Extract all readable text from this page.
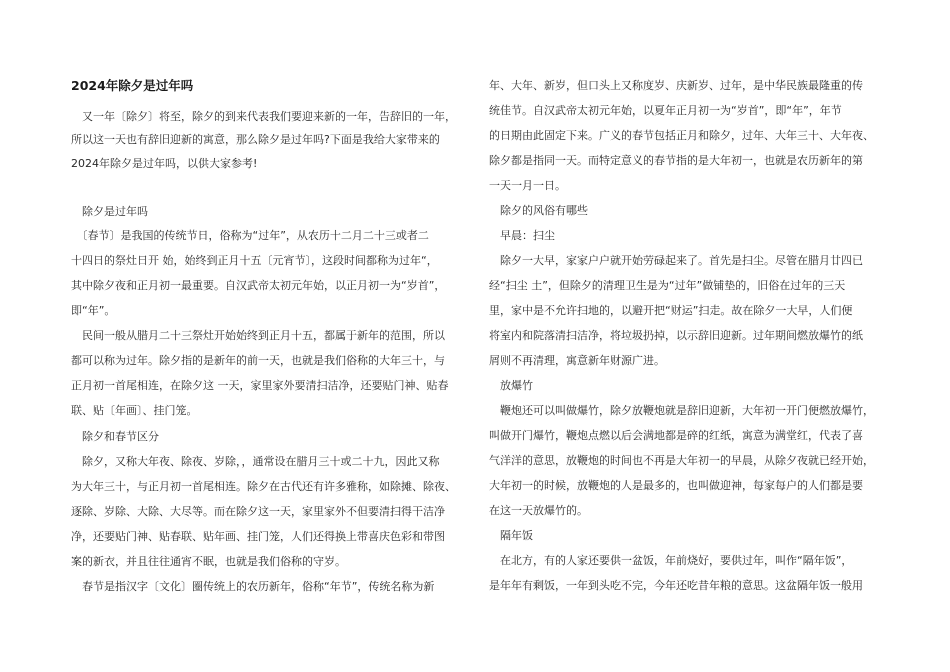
2024年除夕是过年吗
　又一年〔除夕〕将至，除夕的到来代表我们要迎来新的一年，告辞旧的一年，
所以这一天也有辞旧迎新的寓意，那么除夕是过年吗?下面是我给大家带来的
2024年除夕是过年吗，以供大家参考!
　除夕是过年吗
　〔春节〕是我国的传统节日，俗称为“过年”，从农历十二月二十三或者二
十四日的祭灶日开 始，始终到正月十五〔元宵节〕，这段时间都称为过年“，
其中除夕夜和正月初一最重要。自汉武帝太初元年始，以正月初一为“岁首”，
即“年”。
　民间一般从腊月二十三祭灶开始始终到正月十五，都属于新年的范围，所以
都可以称为过年。除夕指的是新年的前一天，也就是我们俗称的大年三十，与
正月初一首尾相连，在除夕这 一天，家里家外要清扫洁净，还要贴门神、贴春
联、贴〔年画〕、挂门笼。
　除夕和春节区分
　除夕，又称大年夜、除夜、岁除，，通常设在腊月三十或二十九，因此又称
为大年三十，与正月初一首尾相连。除夕在古代还有许多雅称，如除摊、除夜、
逐除、岁除、大除、大尽等。而在除夕这一天，家里家外不但要清扫得干洁净
净，还要贴门神、贴春联、贴年画、挂门笼，人们还得换上带喜庆色彩和带图
案的新衣，并且往往通宵不眠，也就是我们俗称的守岁。
　春节是指汉字〔文化〕圈传统上的农历新年，俗称“年节”，传统名称为新
年、大年、新岁，但口头上又称度岁、庆新岁、过年，是中华民族最隆重的传
统佳节。自汉武帝太初元年始，以夏年正月初一为“岁首”，即“年”，年节
的日期由此固定下来。广义的春节包括正月和除夕，过年、大年三十、大年夜、
除夕都是指同一天。而特定意义的春节指的是大年初一，也就是农历新年的第
一天一月一日。
　除夕的风俗有哪些
　早晨：扫尘
　除夕一大早，家家户户就开始劳碌起来了。首先是扫尘。尽管在腊月廿四已
经“扫尘 土”，但除夕的清理卫生是为“过年”做铺垫的，旧俗在过年的三天
里，家中是不允许扫地的，以避开把“财运”扫走。故在除夕一大早，人们便
将室内和院落清扫洁净，将垃圾扔掉，以示辞旧迎新。过年期间燃放爆竹的纸
屑则不再清理，寓意新年财源广进。
　放爆竹
　鞭炮还可以叫做爆竹，除夕放鞭炮就是辞旧迎新，大年初一开门便燃放爆竹，
叫做开门爆竹，鞭炮点燃以后会满地都是碎的红纸，寓意为满堂红，代表了喜
气洋洋的意思，放鞭炮的时间也不再是大年初一的早晨，从除夕夜就已经开始，
大年初一的时候，放鞭炮的人是最多的，也叫做迎神，每家每户的人们都是要
在这一天放爆竹的。
　隔年饭
　在北方，有的人家还要供一盆饭，年前烧好，要供过年，叫作“隔年饭”，
是年年有剩饭，一年到头吃不完，今年还吃昔年粮的意思。这盆隔年饭一般用
